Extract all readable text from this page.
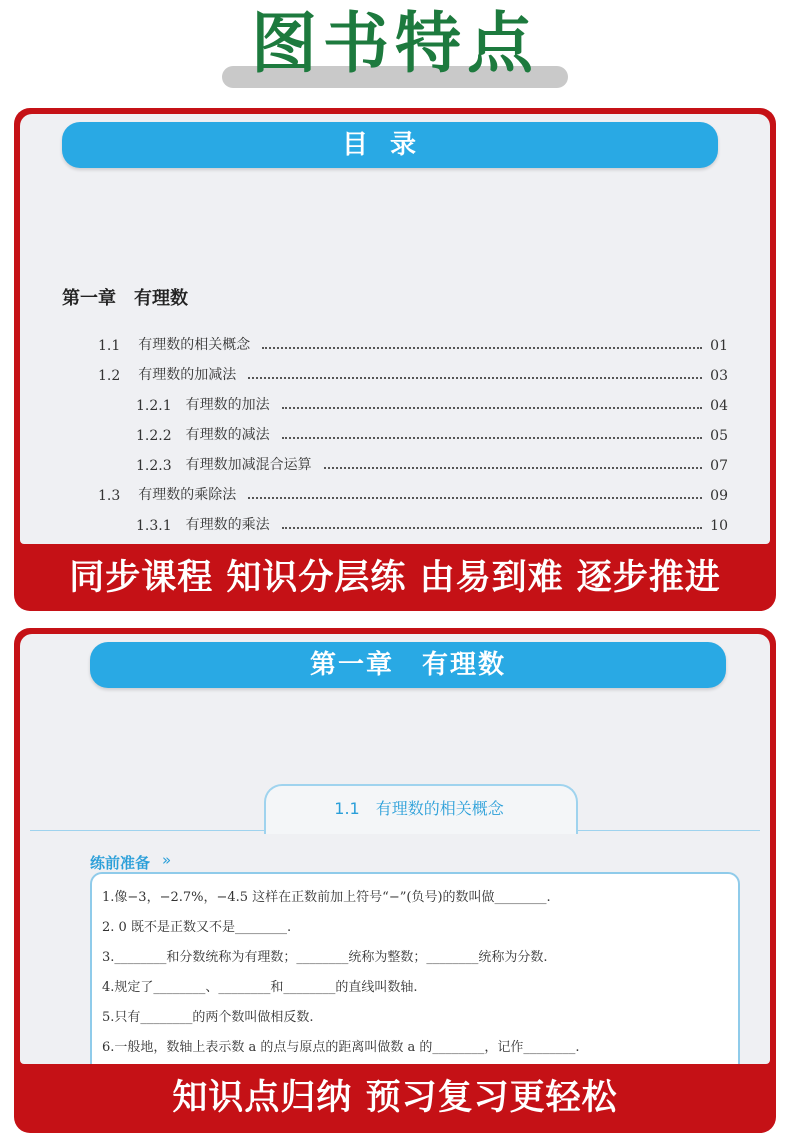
图书特点
目录
第一章　有理数
1.1 有理数的相关概念	01
1.2 有理数的加减法	03
1.2.1 有理数的加法	04
1.2.2 有理数的减法	05
1.2.3 有理数加减混合运算	07
1.3 有理数的乘除法	09
1.3.1 有理数的乘法	10
同步课程 知识分层练 由易到难 逐步推进
第一章　有理数
1.1　有理数的相关概念
练前准备 »
1.像−3，−2.7%，−4.5 这样在正数前加上符号“−”(负号)的数叫做________.
2. 0 既不是正数又不是________.
3.________和分数统称为有理数；________统称为整数；________统称为分数.
4.规定了________、________和________的直线叫数轴.
5.只有________的两个数叫做相反数.
6.一般地，数轴上表示数 a 的点与原点的距离叫做数 a 的________，记作________.
知识点归纳 预习复习更轻松
